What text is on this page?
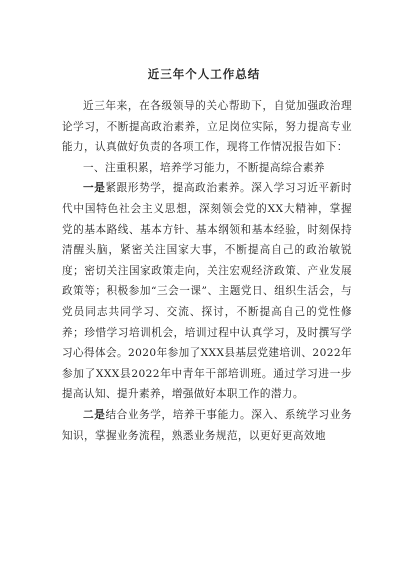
近三年个人工作总结

近三年来，在各级领导的关心帮助下，自觉加强政治理论学习，不断提高政治素养，立足岗位实际，努力提高专业能力，认真做好负责的各项工作，现将工作情况报告如下：

一、注重积累，培养学习能力，不断提高综合素养

一是紧跟形势学，提高政治素养。深入学习习近平新时代中国特色社会主义思想，深刻领会党的XX大精神，掌握党的基本路线、基本方针、基本纲领和基本经验，时刻保持清醒头脑，紧密关注国家大事，不断提高自己的政治敏锐度；密切关注国家政策走向，关注宏观经济政策、产业发展政策等；积极参加“三会一课”、主题党日、组织生活会，与党员同志共同学习、交流、探讨，不断提高自己的党性修养；珍惜学习培训机会，培训过程中认真学习，及时撰写学习心得体会。2020年参加了XXX县基层党建培训、2022年参加了XXX县2022年中青年干部培训班。通过学习进一步提高认知、提升素养，增强做好本职工作的潜力。

二是结合业务学，培养干事能力。深入、系统学习业务知识，掌握业务流程，熟悉业务规范，以更好更高效地
